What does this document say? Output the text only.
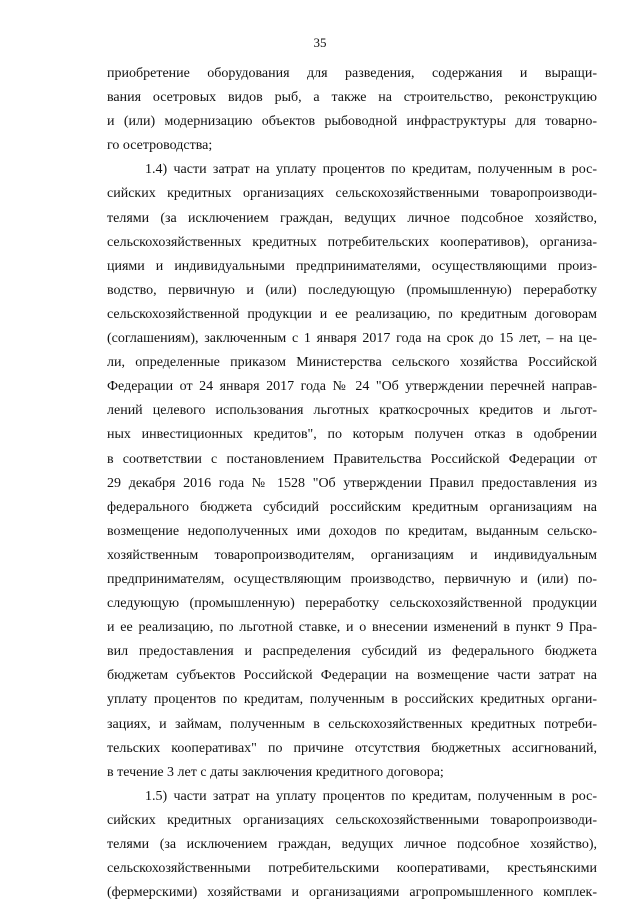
35
приобретение оборудования для разведения, содержания и выращи-
вания осетровых видов рыб, а также на строительство, реконструкцию
и (или) модернизацию объектов рыбоводной инфраструктуры для товарно-
го осетроводства;
1.4) части затрат на уплату процентов по кредитам, полученным в рос-
сийских кредитных организациях сельскохозяйственными товаропроизводи-
телями (за исключением граждан, ведущих личное подсобное хозяйство,
сельскохозяйственных кредитных потребительских кооперативов), организа-
циями и индивидуальными предпринимателями, осуществляющими произ-
водство, первичную и (или) последующую (промышленную) переработку
сельскохозяйственной продукции и ее реализацию, по кредитным договорам
(соглашениям), заключенным с 1 января 2017 года на срок до 15 лет, – на це-
ли, определенные приказом Министерства сельского хозяйства Российской
Федерации от 24 января 2017 года № 24 "Об утверждении перечней направ-
лений целевого использования льготных краткосрочных кредитов и льгот-
ных инвестиционных кредитов", по которым получен отказ в одобрении
в соответствии с постановлением Правительства Российской Федерации от
29 декабря 2016 года № 1528 "Об утверждении Правил предоставления из
федерального бюджета субсидий российским кредитным организациям на
возмещение недополученных ими доходов по кредитам, выданным сельско-
хозяйственным товаропроизводителям, организациям и индивидуальным
предпринимателям, осуществляющим производство, первичную и (или) по-
следующую (промышленную) переработку сельскохозяйственной продукции
и ее реализацию, по льготной ставке, и о внесении изменений в пункт 9 Пра-
вил предоставления и распределения субсидий из федерального бюджета
бюджетам субъектов Российской Федерации на возмещение части затрат на
уплату процентов по кредитам, полученным в российских кредитных органи-
зациях, и займам, полученным в сельскохозяйственных кредитных потреби-
тельских кооперативах" по причине отсутствия бюджетных ассигнований,
в течение 3 лет с даты заключения кредитного договора;
1.5) части затрат на уплату процентов по кредитам, полученным в рос-
сийских кредитных организациях сельскохозяйственными товаропроизводи-
телями (за исключением граждан, ведущих личное подсобное хозяйство),
сельскохозяйственными потребительскими кооперативами, крестьянскими
(фермерскими) хозяйствами и организациями агропромышленного комплек-
